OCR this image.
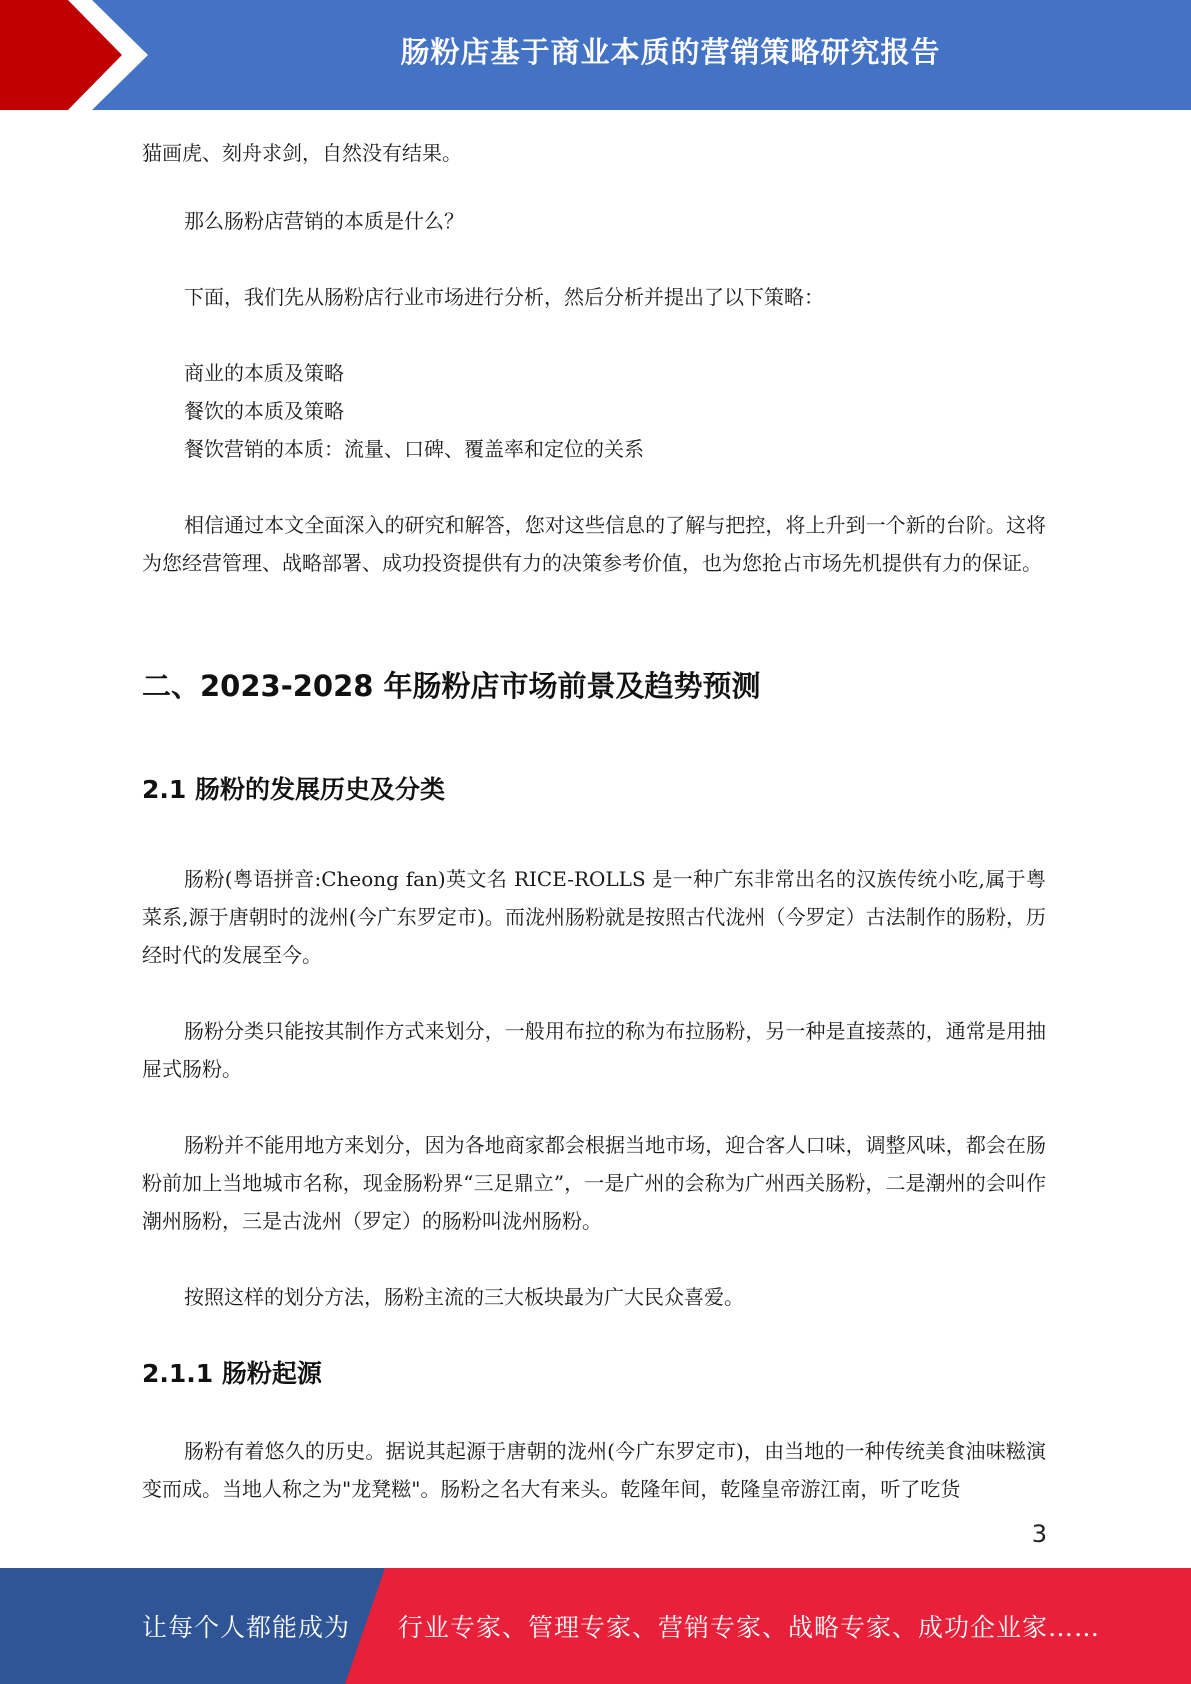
肠粉店基于商业本质的营销策略研究报告

猫画虎、刻舟求剑，自然没有结果。

那么肠粉店营销的本质是什么？

下面，我们先从肠粉店行业市场进行分析，然后分析并提出了以下策略：

商业的本质及策略

餐饮的本质及策略

餐饮营销的本质：流量、口碑、覆盖率和定位的关系

相信通过本文全面深入的研究和解答，您对这些信息的了解与把控，将上升到一个新的台阶。这将为您经营管理、战略部署、成功投资提供有力的决策参考价值，也为您抢占市场先机提供有力的保证。

二、2023-2028 年肠粉店市场前景及趋势预测
2.1 肠粉的发展历史及分类

肠粉(粤语拼音:Cheong fan)英文名 RICE-ROLLS 是一种广东非常出名的汉族传统小吃,属于粤菜系,源于唐朝时的泷州(今广东罗定市)。而泷州肠粉就是按照古代泷州（今罗定）古法制作的肠粉，历经时代的发展至今。

肠粉分类只能按其制作方式来划分，一般用布拉的称为布拉肠粉，另一种是直接蒸的，通常是用抽屉式肠粉。

肠粉并不能用地方来划分，因为各地商家都会根据当地市场，迎合客人口味，调整风味，都会在肠粉前加上当地城市名称，现金肠粉界“三足鼎立”，一是广州的会称为广州西关肠粉，二是潮州的会叫作潮州肠粉，三是古泷州（罗定）的肠粉叫泷州肠粉。

按照这样的划分方法，肠粉主流的三大板块最为广大民众喜爱。

2.1.1 肠粉起源

肠粉有着悠久的历史。据说其起源于唐朝的泷州(今广东罗定市)，由当地的一种传统美食油味糍演变而成。当地人称之为"龙凳糍"。肠粉之名大有来头。乾隆年间，乾隆皇帝游江南，听了吃货

3
让每个人都能成为 行业专家、管理专家、营销专家、战略专家、成功企业家……
